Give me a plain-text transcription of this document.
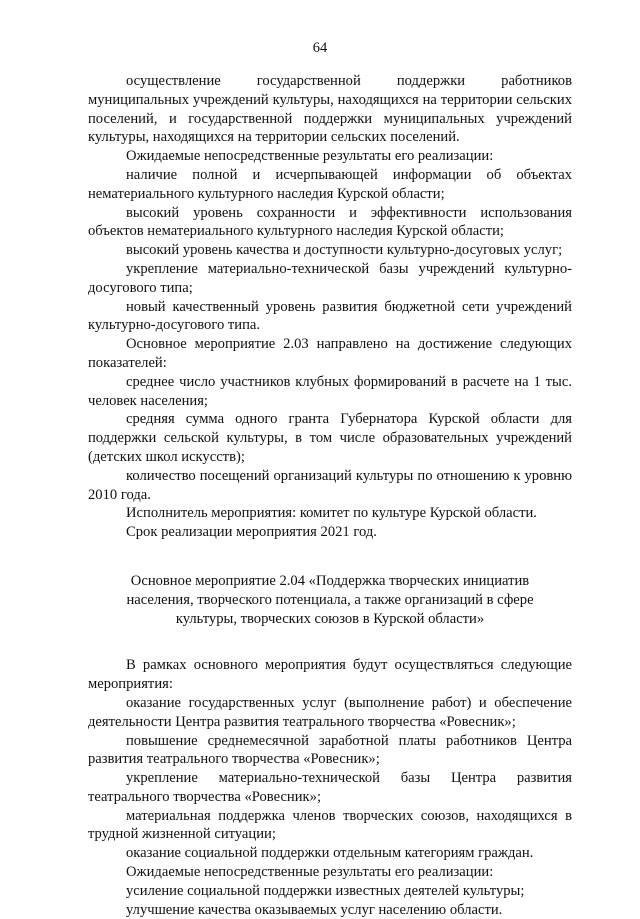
64

осуществление государственной поддержки работников муниципальных учреждений культуры, находящихся на территории сельских поселений, и государственной поддержки муниципальных учреждений культуры, находящихся на территории сельских поселений.

Ожидаемые непосредственные результаты его реализации:

наличие полной и исчерпывающей информации об объектах нематериального культурного наследия Курской области;

высокий уровень сохранности и эффективности использования объектов нематериального культурного наследия Курской области;

высокий уровень качества и доступности культурно-досуговых услуг;

укрепление материально-технической базы учреждений культурно-досугового типа;

новый качественный уровень развития бюджетной сети учреждений культурно-досугового типа.

Основное мероприятие 2.03 направлено на достижение следующих показателей:

среднее число участников клубных формирований в расчете на 1 тыс. человек населения;

средняя сумма одного гранта Губернатора Курской области для поддержки сельской культуры, в том числе образовательных учреждений (детских школ искусств);

количество посещений организаций культуры по отношению к уровню 2010 года.

Исполнитель мероприятия: комитет по культуре Курской области.

Срок реализации мероприятия 2021 год.

Основное мероприятие 2.04 «Поддержка творческих инициатив населения, творческого потенциала, а также организаций в сфере культуры, творческих союзов в Курской области»

В рамках основного мероприятия будут осуществляться следующие мероприятия:

оказание государственных услуг (выполнение работ) и обеспечение деятельности Центра развития театрального творчества «Ровесник»;

повышение среднемесячной заработной платы работников Центра развития театрального творчества «Ровесник»;

укрепление материально-технической базы Центра развития театрального творчества «Ровесник»;

материальная поддержка членов творческих союзов, находящихся в трудной жизненной ситуации;

оказание социальной поддержки отдельным категориям граждан.

Ожидаемые непосредственные результаты его реализации:

усиление социальной поддержки известных деятелей культуры;

улучшение качества оказываемых услуг населению области.
